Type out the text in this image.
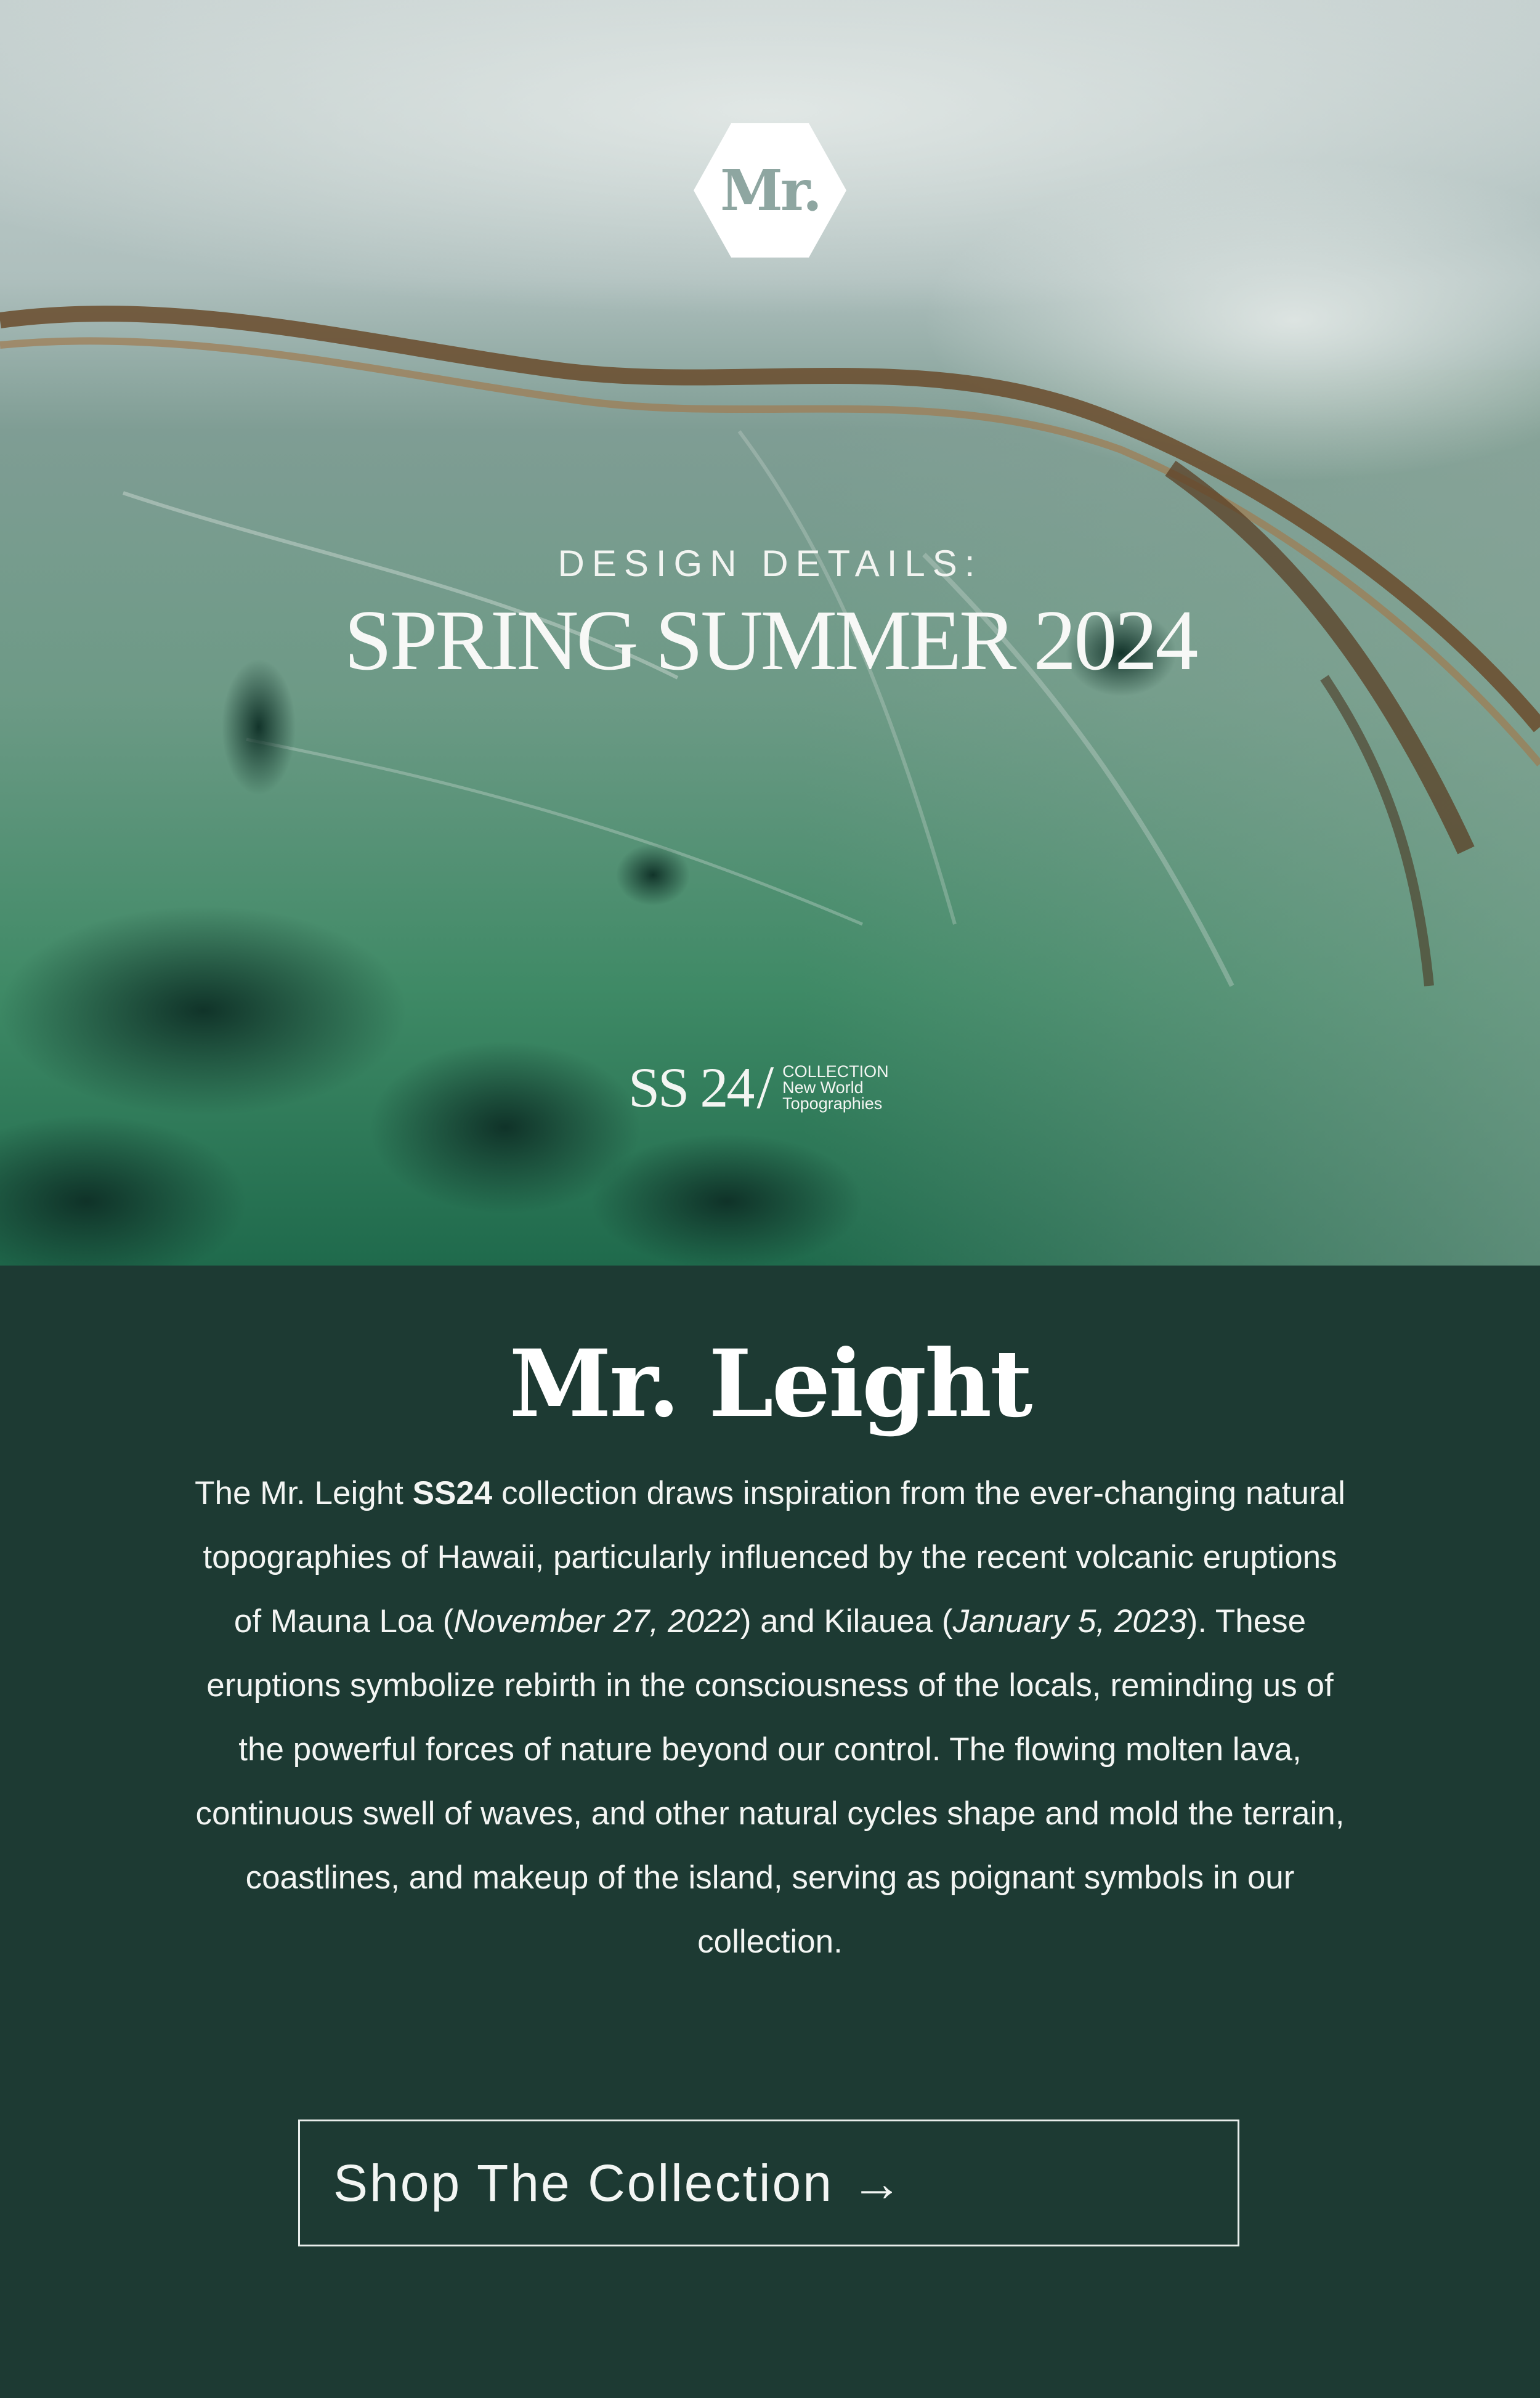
Mr.
DESIGN DETAILS:
SPRING SUMMER 2024
SS 24 / COLLECTION
New World
Topographies
Mr. Leight
The Mr. Leight SS24 collection draws inspiration from the ever-changing natural topographies of Hawaii, particularly influenced by the recent volcanic eruptions of Mauna Loa (November 27, 2022) and Kilauea (January 5, 2023). These eruptions symbolize rebirth in the consciousness of the locals, reminding us of the powerful forces of nature beyond our control. The flowing molten lava, continuous swell of waves, and other natural cycles shape and mold the terrain, coastlines, and makeup of the island, serving as poignant symbols in our collection.
Shop The Collection →
